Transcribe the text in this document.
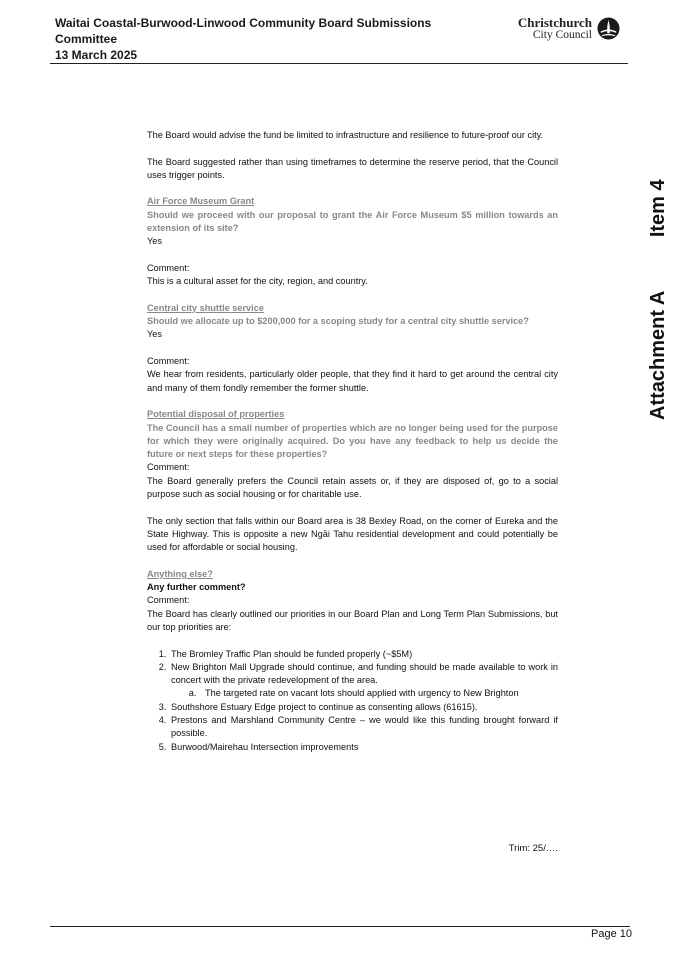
Waitai Coastal-Burwood-Linwood Community Board Submissions
Committee
13 March 2025
Christchurch
City Council
Attachment A Item 4

The Board would advise the fund be limited to infrastructure and resilience to future-proof our city.

The Board suggested rather than using timeframes to determine the reserve period, that the Council uses trigger points.

Air Force Museum Grant

Should we proceed with our proposal to grant the Air Force Museum $5 million towards an extension of its site?

Yes

Comment:

This is a cultural asset for the city, region, and country.

Central city shuttle service

Should we allocate up to $200,000 for a scoping study for a central city shuttle service?

Yes

Comment:

We hear from residents, particularly older people, that they find it hard to get around the central city and many of them fondly remember the former shuttle.

Potential disposal of properties

The Council has a small number of properties which are no longer being used for the purpose for which they were originally acquired. Do you have any feedback to help us decide the future or next steps for these properties?

Comment:

The Board generally prefers the Council retain assets or, if they are disposed of, go to a social purpose such as social housing or for charitable use.

The only section that falls within our Board area is 38 Bexley Road, on the corner of Eureka and the State Highway. This is opposite a new Ngāi Tahu residential development and could potentially be used for affordable or social housing.

Anything else?

Any further comment?

Comment:

The Board has clearly outlined our priorities in our Board Plan and Long Term Plan Submissions, but our top priorities are:

1. The Bromley Traffic Plan should be funded properly (~$5M)
2. New Brighton Mall Upgrade should continue, and funding should be made available to work in concert with the private redevelopment of the area.
a. The targeted rate on vacant lots should applied with urgency to New Brighton
3. Southshore Estuary Edge project to continue as consenting allows (61615).
4. Prestons and Marshland Community Centre – we would like this funding brought forward if possible.
5. Burwood/Mairehau Intersection improvements
Trim: 25/….
Page 10
